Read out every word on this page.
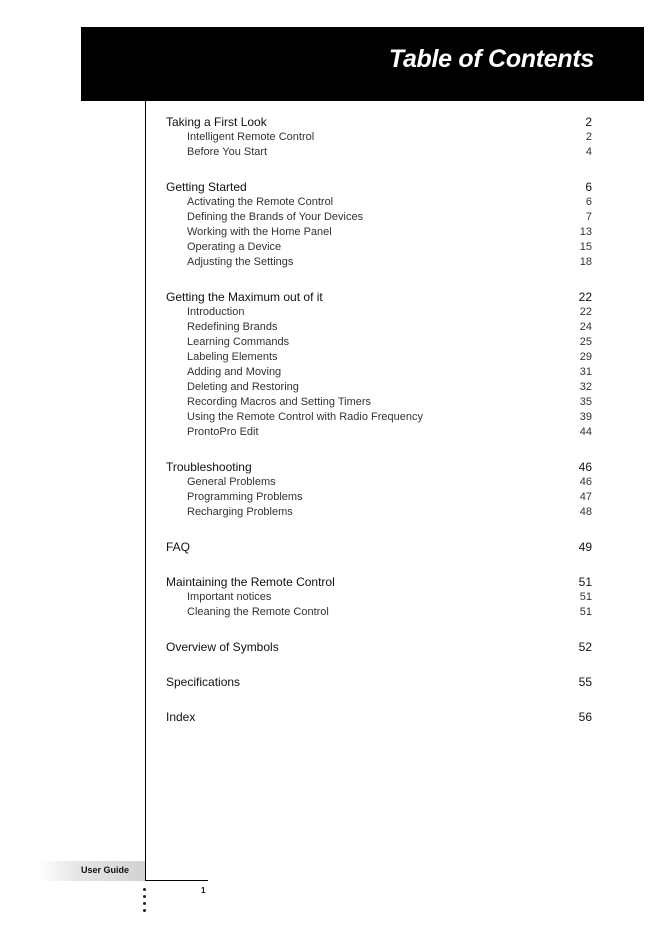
Table of Contents
User Guide
1
Taking a First Look	2
Intelligent Remote Control	2
Before You Start	4
Getting Started	6
Activating the Remote Control	6
Defining the Brands of Your Devices	7
Working with the Home Panel	13
Operating a Device	15
Adjusting the Settings	18
Getting the Maximum out of it	22
Introduction	22
Redefining Brands	24
Learning Commands	25
Labeling Elements	29
Adding and Moving	31
Deleting and Restoring	32
Recording Macros and Setting Timers	35
Using the Remote Control with Radio Frequency	39
ProntoPro Edit	44
Troubleshooting	46
General Problems	46
Programming Problems	47
Recharging Problems	48
FAQ	49
Maintaining the Remote Control	51
Important notices	51
Cleaning the Remote Control	51
Overview of Symbols	52
Specifications	55
Index	56
